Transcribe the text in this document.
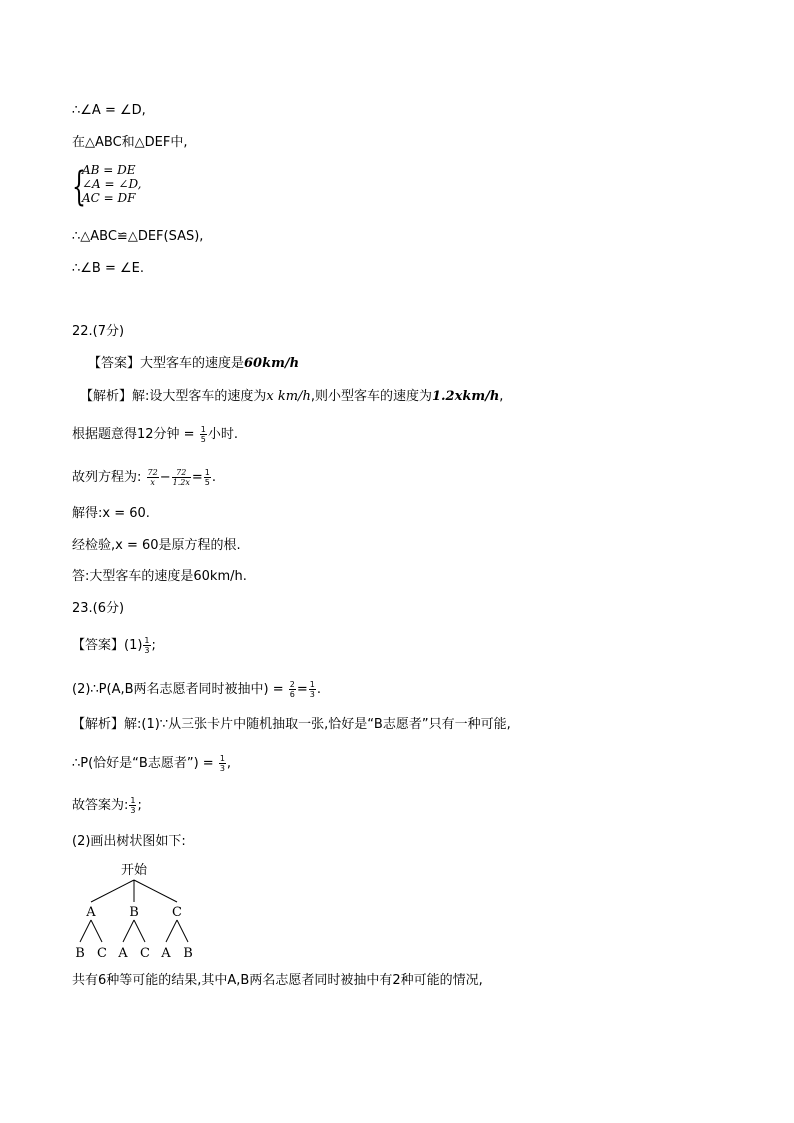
∴∠A = ∠D,
在△ABC和△DEF中,
{
AB = DE
∠A = ∠D,
AC = DF
∴△ABC≌△DEF(SAS),
∴∠B = ∠E.
22.(7分)
【答案】大型客车的速度是60km/h
【解析】解:设大型客车的速度为x km/h,则小型客车的速度为1.2xkm/h,
根据题意得12分钟 = $\frac{1}{5}$ 小时.
故列方程为: $\frac{72}{x} - \frac{72}{1.2x} = \frac{1}{5}$ .
解得:x = 60.
经检验,x = 60是原方程的根.
答:大型客车的速度是60km/h.
23.(6分)
【答案】$(1) \frac{1}{3}$ ;
(2)∴P(A,B两名志愿者同时被抽中) = $\frac{2}{6} = \frac{1}{3}$ .
【解析】解:(1)∵从三张卡片中随机抽取一张,恰好是“B志愿者”只有一种可能,
∴P(恰好是“B志愿者”) = $\frac{1}{3}$ ,
故答案为: $\frac{1}{3}$ ;
(2)画出树状图如下:
开始
A	B	C
B C A C A B
共有6种等可能的结果,其中A,B两名志愿者同时被抽中有2种可能的情况,
